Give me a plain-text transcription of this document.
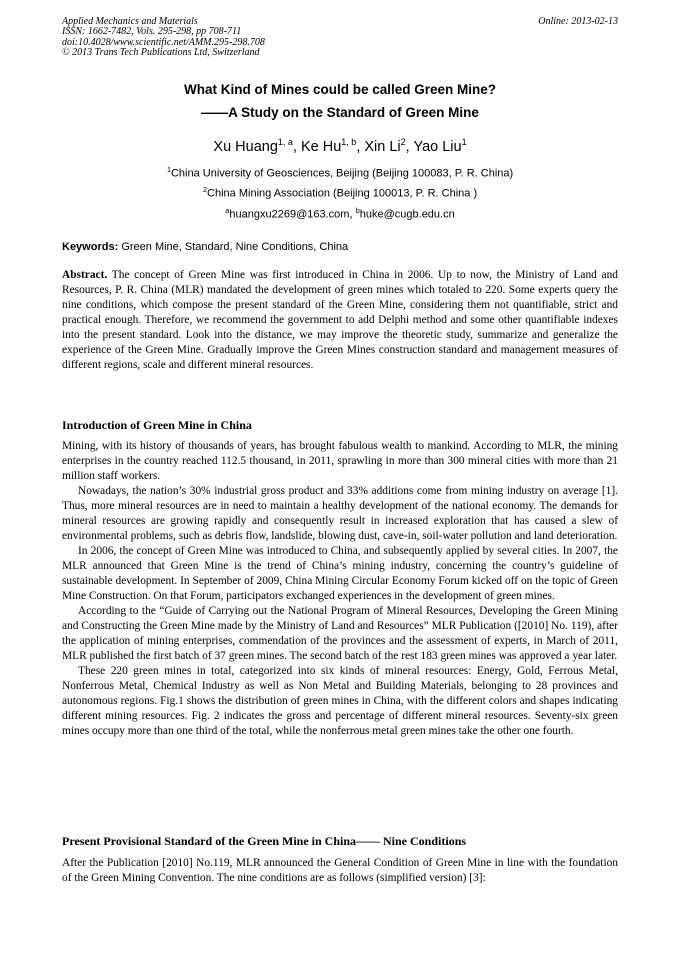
Applied Mechanics and Materials
ISSN: 1662-7482, Vols. 295-298, pp 708-711
doi:10.4028/www.scientific.net/AMM.295-298.708
© 2013 Trans Tech Publications Ltd, Switzerland
Online: 2013-02-13
What Kind of Mines could be called Green Mine?
——A Study on the Standard of Green Mine
Xu Huang$^{1, a}$, Ke Hu$^{1, b}$, Xin Li$^2$, Yao Liu$^1$
$^1$China University of Geosciences, Beijing (Beijing 100083, P. R. China)
$^2$China Mining Association (Beijing 100013, P. R. China )
$^a$huangxu2269@163.com, $^b$huke@cugb.edu.cn
Keywords: Green Mine, Standard, Nine Conditions, China

Abstract. The concept of Green Mine was first introduced in China in 2006. Up to now, the Ministry of Land and Resources, P. R. China (MLR) mandated the development of green mines which totaled to 220. Some experts query the nine conditions, which compose the present standard of the Green Mine, considering them not quantifiable, strict and practical enough. Therefore, we recommend the government to add Delphi method and some other quantifiable indexes into the present standard. Look into the distance, we may improve the theoretic study, summarize and generalize the experience of the Green Mine. Gradually improve the Green Mines construction standard and management measures of different regions, scale and different mineral resources.

Introduction of Green Mine in China

Mining, with its history of thousands of years, has brought fabulous wealth to mankind. According to MLR, the mining enterprises in the country reached 112.5 thousand, in 2011, sprawling in more than 300 mineral cities with more than 21 million staff workers.

Nowadays, the nation’s 30% industrial gross product and 33% additions come from mining industry on average [1]. Thus, more mineral resources are in need to maintain a healthy development of the national economy. The demands for mineral resources are growing rapidly and consequently result in increased exploration that has caused a slew of environmental problems, such as debris flow, landslide, blowing dust, cave-in, soil-water pollution and land deterioration.

In 2006, the concept of Green Mine was introduced to China, and subsequently applied by several cities. In 2007, the MLR announced that Green Mine is the trend of China’s mining industry, concerning the country’s guideline of sustainable development. In September of 2009, China Mining Circular Economy Forum kicked off on the topic of Green Mine Construction. On that Forum, participators exchanged experiences in the development of green mines.

According to the “Guide of Carrying out the National Program of Mineral Resources, Developing the Green Mining and Constructing the Green Mine made by the Ministry of Land and Resources” MLR Publication ([2010] No. 119), after the application of mining enterprises, commendation of the provinces and the assessment of experts, in March of 2011, MLR published the first batch of 37 green mines. The second batch of the rest 183 green mines was approved a year later.

These 220 green mines in total, categorized into six kinds of mineral resources: Energy, Gold, Ferrous Metal, Nonferrous Metal, Chemical Industry as well as Non Metal and Building Materials, belonging to 28 provinces and autonomous regions. Fig.1 shows the distribution of green mines in China, with the different colors and shapes indicating different mining resources. Fig. 2 indicates the gross and percentage of different mineral resources. Seventy-six green mines occupy more than one third of the total, while the nonferrous metal green mines take the other one fourth.

Present Provisional Standard of the Green Mine in China—— Nine Conditions

After the Publication [2010] No.119, MLR announced the General Condition of Green Mine in line with the foundation of the Green Mining Convention. The nine conditions are as follows (simplified version) [3]:
